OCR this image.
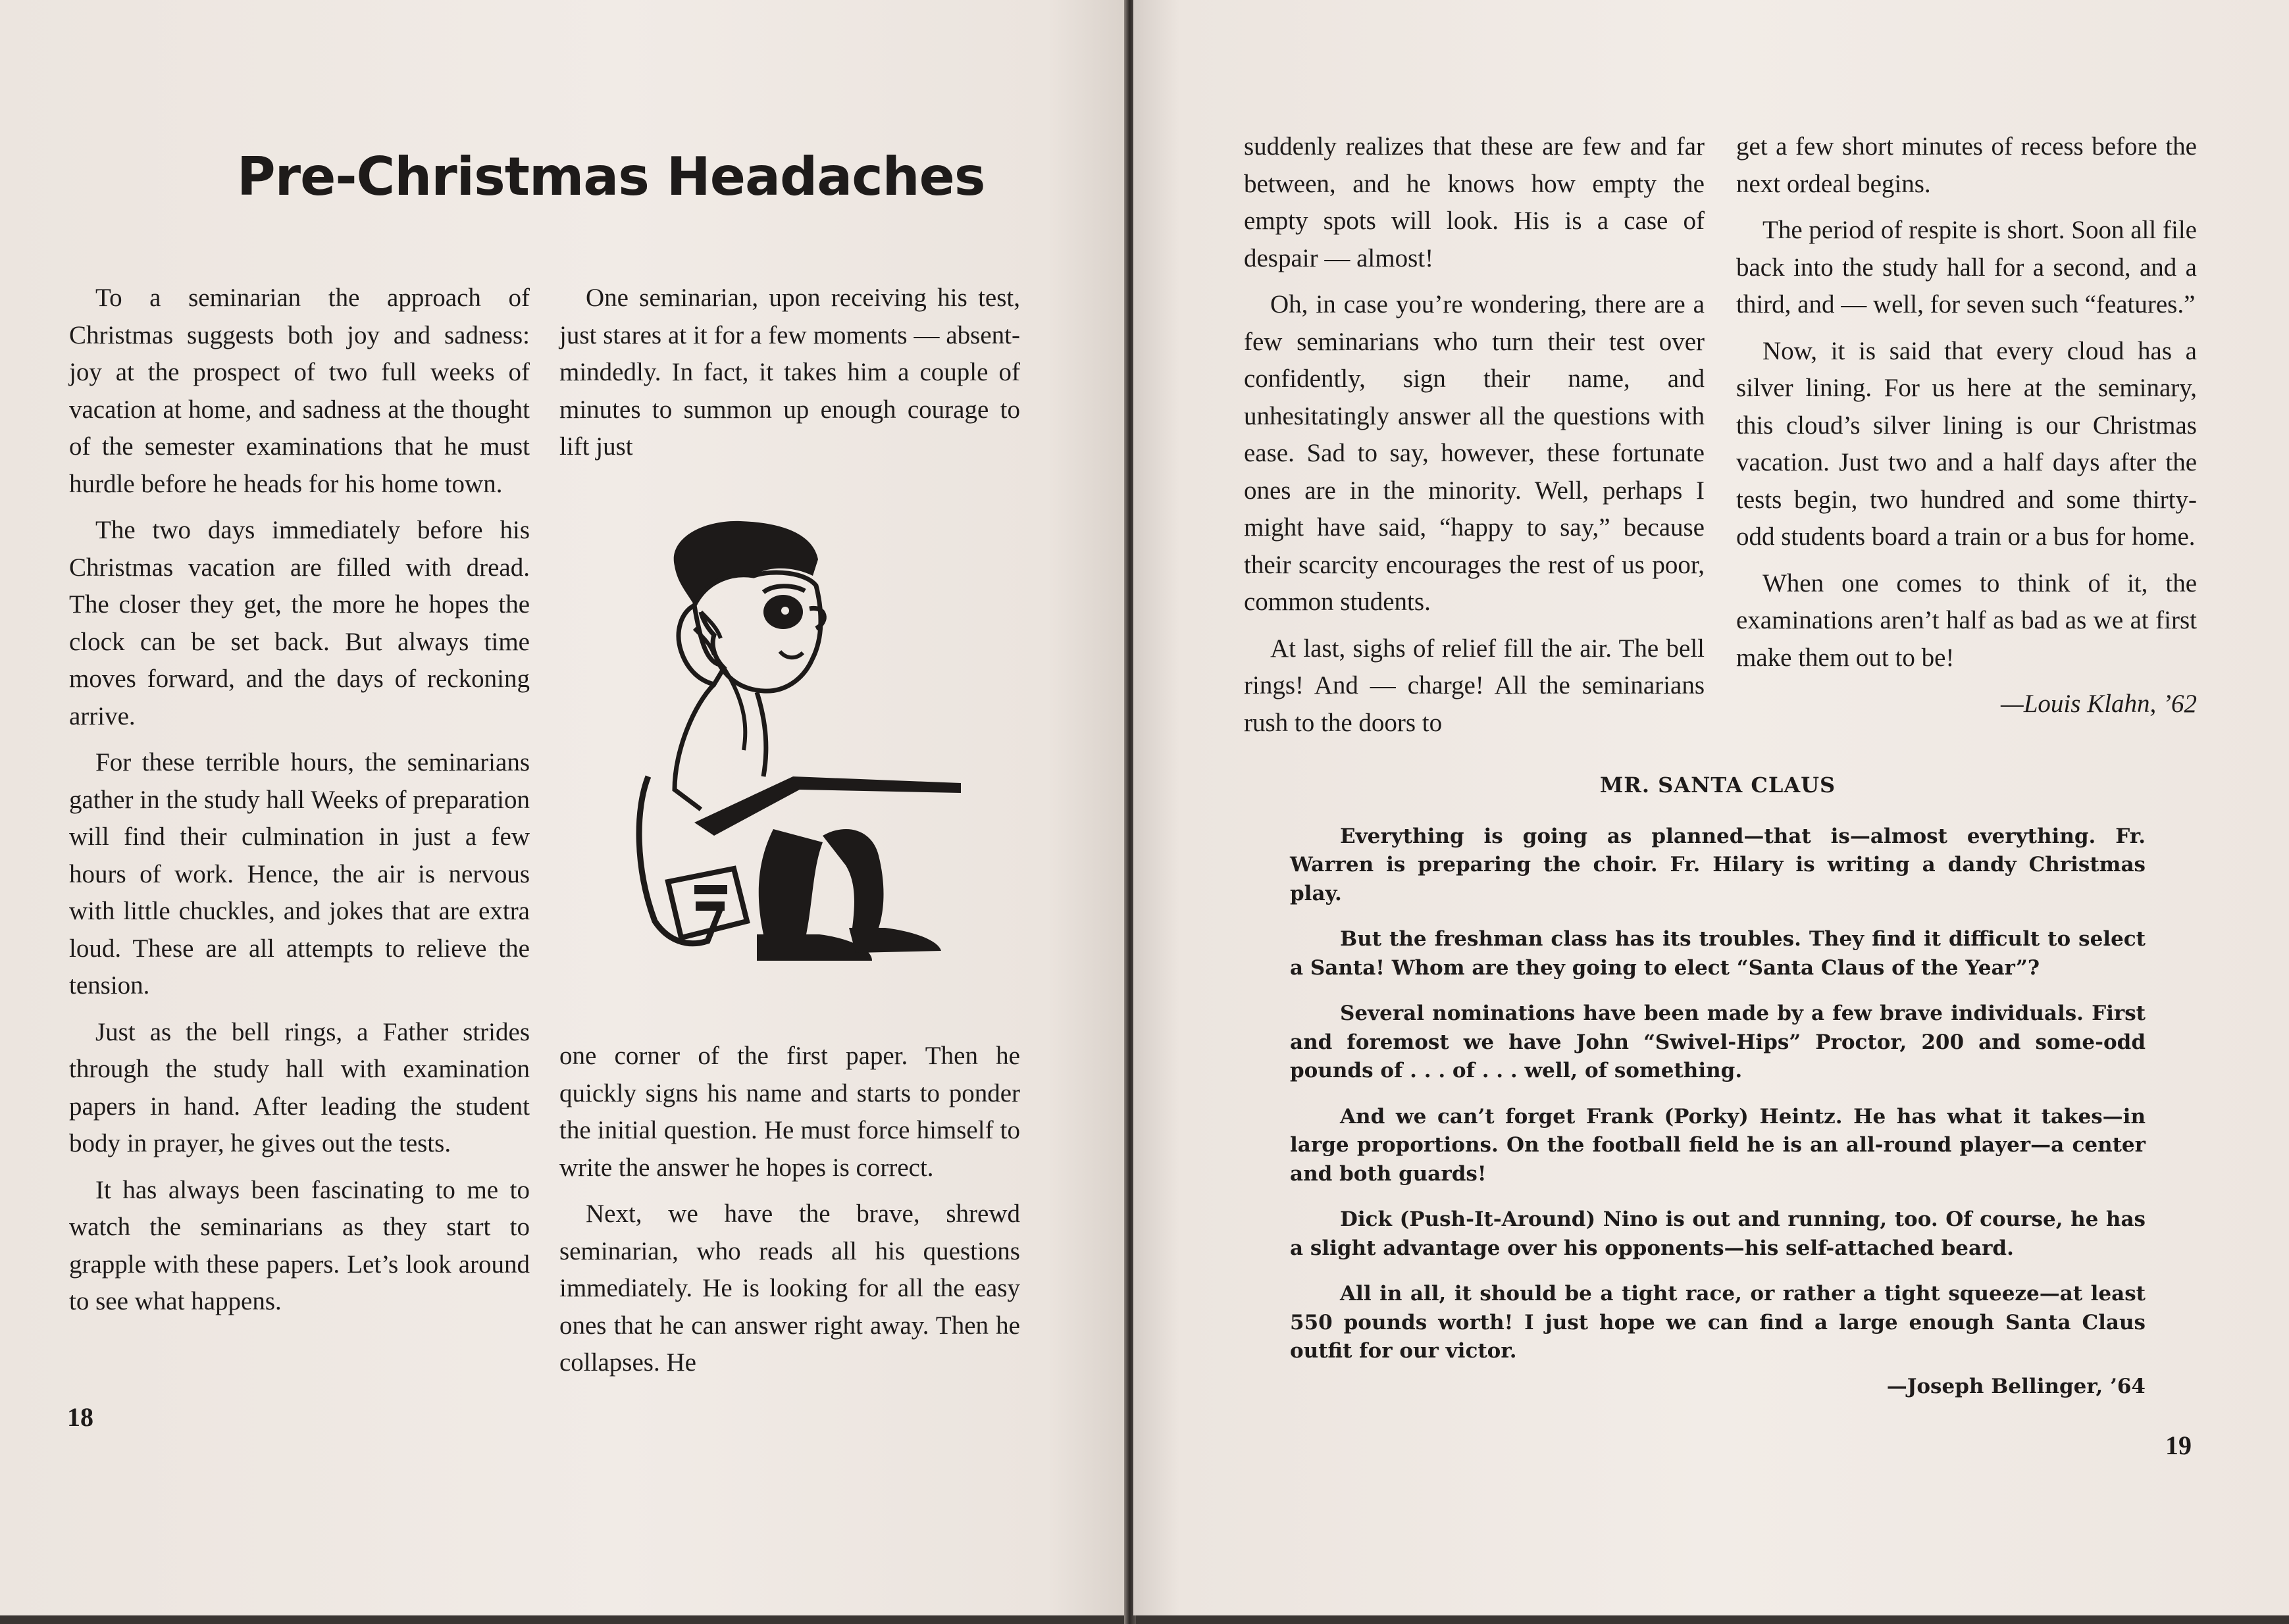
Pre-Christmas Headaches

To a seminarian the approach of Christmas suggests both joy and sadness: joy at the prospect of two full weeks of vacation at home, and sadness at the thought of the semester examinations that he must hurdle before he heads for his home town.

The two days immediately before his Christmas vacation are filled with dread. The closer they get, the more he hopes the clock can be set back. But always time moves forward, and the days of reckoning arrive.

For these terrible hours, the seminarians gather in the study hall Weeks of preparation will find their culmination in just a few hours of work. Hence, the air is nervous with little chuckles, and jokes that are extra loud. These are all attempts to relieve the tension.

Just as the bell rings, a Father strides through the study hall with examination papers in hand. After leading the student body in prayer, he gives out the tests.

It has always been fascinating to me to watch the seminarians as they start to grapple with these papers. Let’s look around to see what happens.

One seminarian, upon receiving his test, just stares at it for a few moments — absent-mindedly. In fact, it takes him a couple of minutes to summon up enough courage to lift just

one corner of the first paper. Then he quickly signs his name and starts to ponder the initial question. He must force himself to write the answer he hopes is correct.

Next, we have the brave, shrewd seminarian, who reads all his questions immediately. He is looking for all the easy ones that he can answer right away. Then he collapses. He

18

suddenly realizes that these are few and far between, and he knows how empty the empty spots will look. His is a case of despair — almost!

Oh, in case you’re wondering, there are a few seminarians who turn their test over confidently, sign their name, and unhesitatingly answer all the questions with ease. Sad to say, however, these fortunate ones are in the minority. Well, perhaps I might have said, “happy to say,” because their scarcity encourages the rest of us poor, common students.

At last, sighs of relief fill the air. The bell rings! And — charge! All the seminarians rush to the doors to

get a few short minutes of recess before the next ordeal begins.

The period of respite is short. Soon all file back into the study hall for a second, and a third, and — well, for seven such “features.”

Now, it is said that every cloud has a silver lining. For us here at the seminary, this cloud’s silver lining is our Christmas vacation. Just two and a half days after the tests begin, two hundred and some thirty-odd students board a train or a bus for home.

When one comes to think of it, the examinations aren’t half as bad as we at first make them out to be!

—Louis Klahn, ’62

MR. SANTA CLAUS

Everything is going as planned—that is—almost everything. Fr. Warren is preparing the choir. Fr. Hilary is writing a dandy Christmas play.

But the freshman class has its troubles. They find it difficult to select a Santa! Whom are they going to elect “Santa Claus of the Year”?

Several nominations have been made by a few brave individuals. First and foremost we have John “Swivel-Hips” Proctor, 200 and some-odd pounds of . . . of . . . well, of something.

And we can’t forget Frank (Porky) Heintz. He has what it takes—in large proportions. On the football field he is an all-round player—a center and both guards!

Dick (Push-It-Around) Nino is out and running, too. Of course, he has a slight advantage over his opponents—his self-attached beard.

All in all, it should be a tight race, or rather a tight squeeze—at least 550 pounds worth! I just hope we can find a large enough Santa Claus outfit for our victor.

—Joseph Bellinger, ’64

19
